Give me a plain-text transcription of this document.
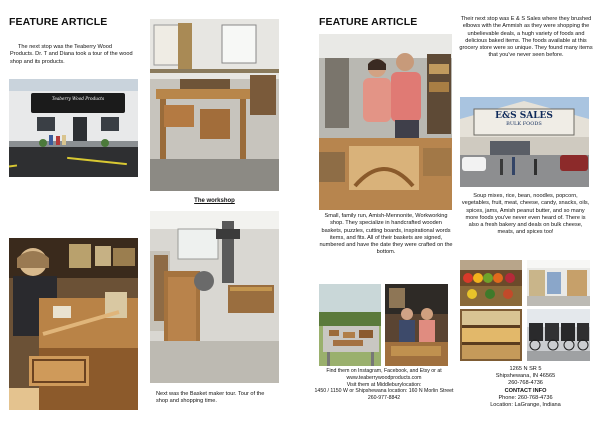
FEATURE ARTICLE
The next stop was the Teaberry Wood Products. Dr. T and Diana took a tour of the wood shop and its products.
Teaberry Wood Products
The workshop
Next was the Basket maker tour. Tour of the shop and shopping time.
FEATURE ARTICLE
Small, family run, Amish-Mennonite, Workworking shop. They specialize in handcrafted wooden baskets, puzzles, cutting boards, inspirational words items, and fits. All of their baskets are signed, numbered and have the date they were crafted on the bottom.
Find them on Instagram, Facebook, and Etsy or at www.teaberrywoodproducts.com
Visit them at Middleburylocation:
1450 / 1150 W or Shipshewana location: 160 N Morlin Street 260-977-8842
Their next stop was E & S Sales where they brushed elbows with the Ammish as they were shopping the unbelievable deals, a hugh variety of foods and delicious baked items. The foods available at this grocery store were so unique. They found many items that you've never seen before.
E&S SALES
BULK FOODS
Soup mixes, rice, bean, noodles, popcorn, vegetables, fruit, meat, cheese, candy, snacks, oils, spices, jams, Amish peanut butter, and so many more foods you've never even heard of. There is also a fresh bakery and deals on bulk cheese, meats, and spices too!
1265 N SR 5
Shipshewana, IN 46565
260-768-4736
CONTACT INFO
Phone: 260-768-4736
Location: LaGrange, Indiana
